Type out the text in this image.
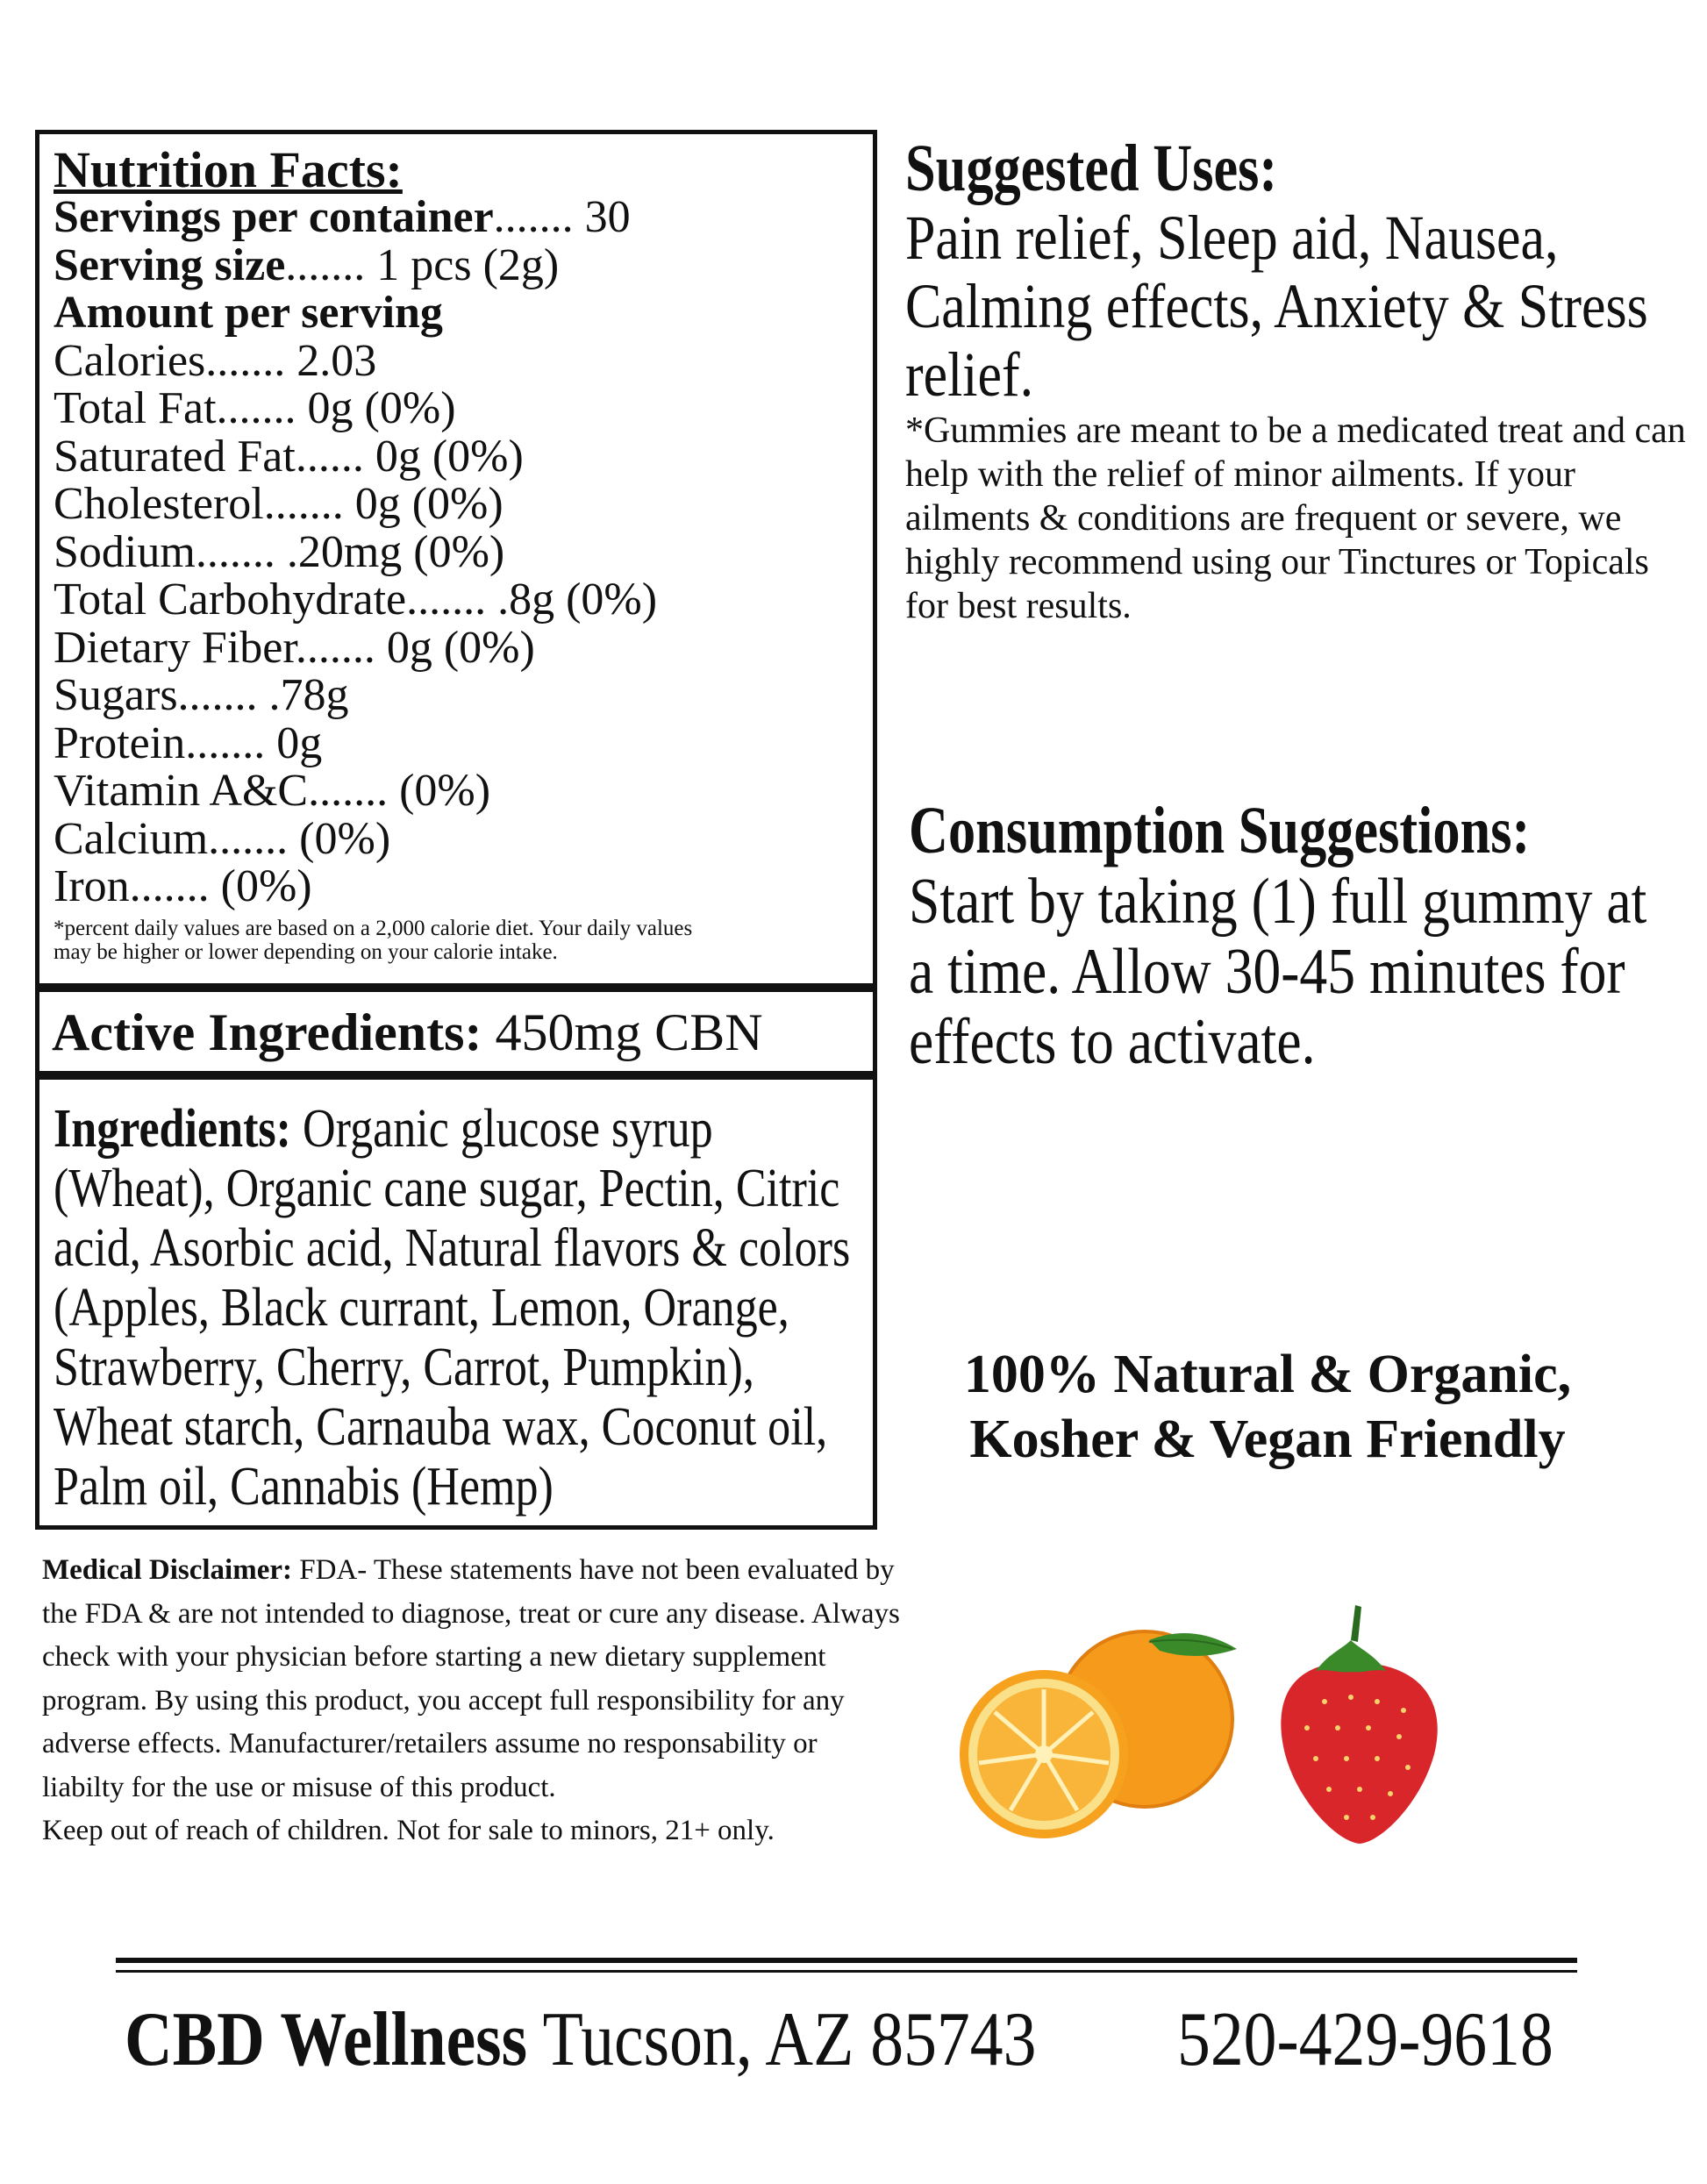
Nutrition Facts:
Servings per container....... 30
Serving size....... 1 pcs (2g)
Amount per serving
Calories....... 2.03
Total Fat....... 0g (0%)
Saturated Fat...... 0g (0%)
Cholesterol....... 0g (0%)
Sodium....... .20mg (0%)
Total Carbohydrate....... .8g (0%)
Dietary Fiber....... 0g (0%)
Sugars....... .78g
Protein....... 0g
Vitamin A&C....... (0%)
Calcium....... (0%)
Iron....... (0%)
*percent daily values are based on a 2,000 calorie diet. Your daily values
may be higher or lower depending on your calorie intake.
Active Ingredients: 450mg CBN
Ingredients: Organic glucose syrup (Wheat), Organic cane sugar, Pectin, Citric acid, Asorbic acid, Natural flavors & colors (Apples, Black currant, Lemon, Orange, Strawberry, Cherry, Carrot, Pumpkin), Wheat starch, Carnauba wax, Coconut oil, Palm oil, Cannabis (Hemp)
Medical Disclaimer: FDA- These statements have not been evaluated by the FDA & are not intended to diagnose, treat or cure any disease. Always check with your physician before starting a new dietary supplement program. By using this product, you accept full responsibility for any adverse effects. Manufacturer/retailers assume no responsability or liabilty for the use or misuse of this product.
Keep out of reach of children. Not for sale to minors, 21+ only.
Suggested Uses:
Pain relief, Sleep aid, Nausea, Calming effects, Anxiety & Stress relief.
*Gummies are meant to be a medicated treat and can help with the relief of minor ailments. If your ailments & conditions are frequent or severe, we highly recommend using our Tinctures or Topicals for best results.
Consumption Suggestions:
Start by taking (1) full gummy at a time. Allow 30-45 minutes for effects to activate.
100% Natural & Organic,
Kosher & Vegan Friendly
CBD Wellness Tucson, AZ 85743 520-429-9618
